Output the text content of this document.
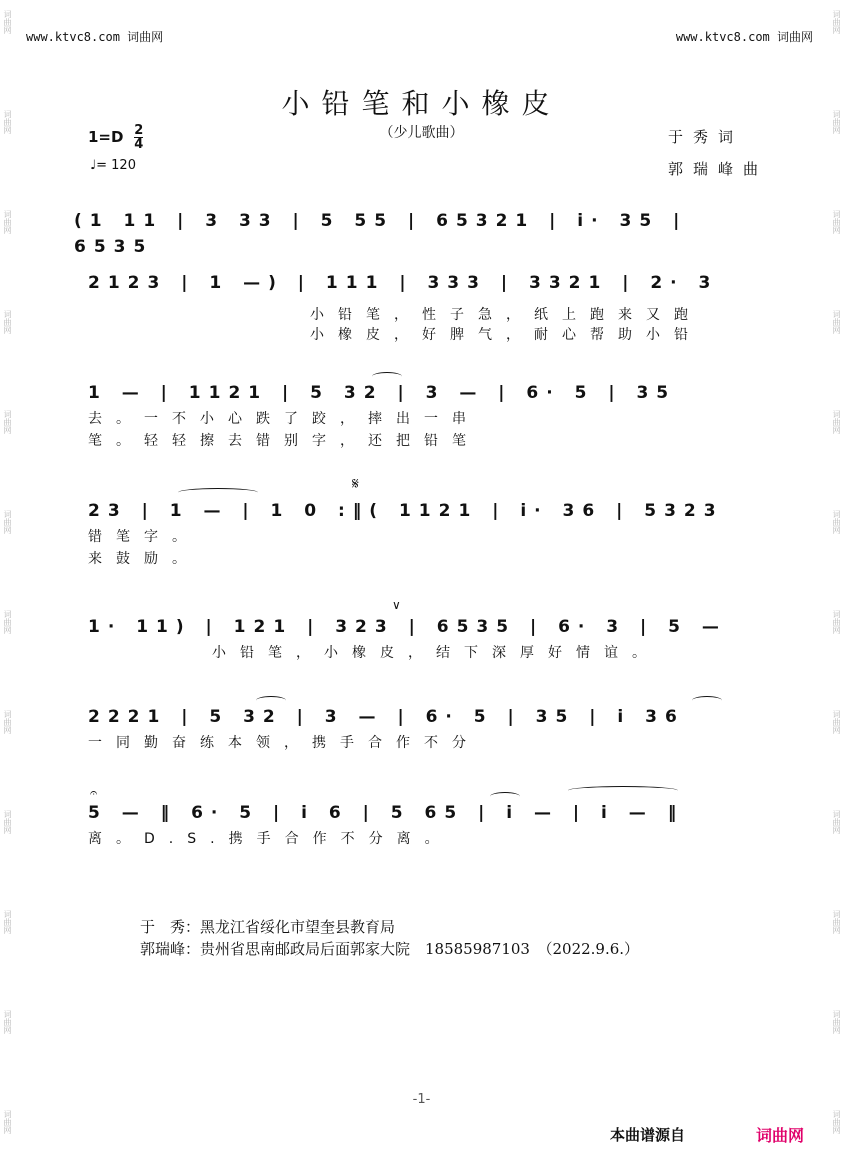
词曲网
词曲网
词曲网
词曲网
词曲网
词曲网
词曲网
词曲网
词曲网
词曲网
词曲网
词曲网
词曲网
词曲网
词曲网
词曲网
词曲网
词曲网
词曲网
词曲网
词曲网
词曲网
词曲网
词曲网
www.ktvc8.com 词曲网	www.ktvc8.com 词曲网
小铅笔和小橡皮
（少儿歌曲）
$1=D \frac{2}{4}$
♩= 120
于秀词
郭瑞峰曲
(1 11 | 3 33 | 5 55 | 65321 | i· 35 | 6535
2123 | 1 —) | 111 | 333 | 3321 | 2· 3
小铅笔，性子急，纸上跑来又跑
小橡皮，好脾气，耐心帮助小铅
1 — | 1121 | 5 32 | 3 — | 6· 5 | 35
去。一不小心跌了跤，摔出一串
笔。轻轻擦去错别字，还把铅笔
23 | 1 — | 1 0 :‖( 1121 | i· 36 | 5323
错笔字。
来鼓励。
𝄋
1· 11) | 121 | 323 | 6535 | 6· 3 | 5 —
小铅笔，小橡皮，结下深厚好情谊。
∨
2221 | 5 32 | 3 — | 6· 5 | 35 | i 36
一同勤奋练本领，携手合作不分
5 — ‖ 6· 5 | i 6 | 5 65 | i — | i — ‖
离。D.S.携手合作不分离。
𝄐
于　秀：黑龙江省绥化市望奎县教育局
郭瑞峰：贵州省思南邮政局后面郭家大院　18585987103　（2022.9.6.）
-1-
本曲谱源自	词曲网
